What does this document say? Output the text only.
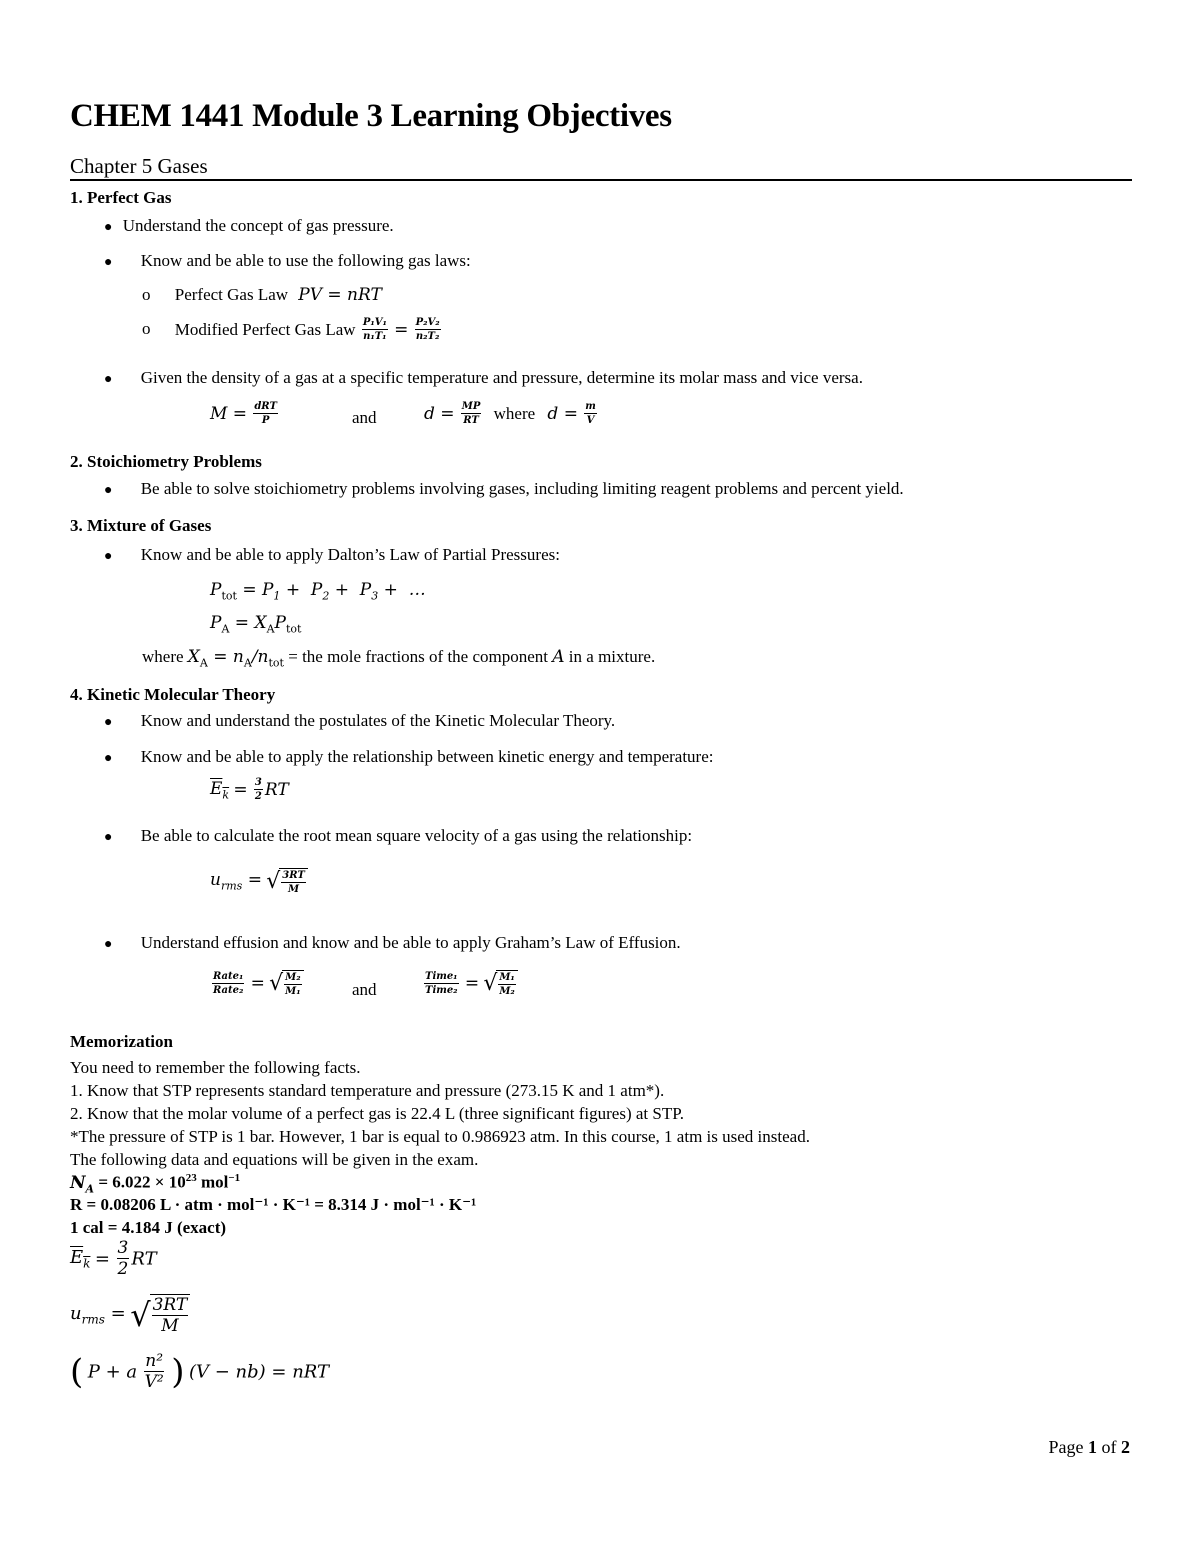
CHEM 1441 Module 3 Learning Objectives
Chapter 5 Gases
1. Perfect Gas
● Understand the concept of gas pressure.
● Know and be able to use the following gas laws:
o Perfect Gas Law PV = nRT
o Modified Perfect Gas Law $\frac{\text{P₁V₁}}{\text{n₁T₁}} = \frac{\text{P₂V₂}}{\text{n₂T₂}}$
● Given the density of a gas at a specific temperature and pressure, determine its molar mass and vice versa.
$M = \frac{\text{dRT}}{P}$	and	$d = \frac{MP}{RT}$ where $d = \frac{m}{V}$
2. Stoichiometry Problems
● Be able to solve stoichiometry problems involving gases, including limiting reagent problems and percent yield.
3. Mixture of Gases
● Know and be able to apply Dalton’s Law of Partial Pressures:
$P_{tot} = P_1 + P_2 + P_3$ +  …
$P_A = X_AP_{tot}$
where $X_A = n_A/n_{tot}$ = the mole fractions of the component A in a mixture.
4. Kinetic Molecular Theory
● Know and understand the postulates of the Kinetic Molecular Theory.
● Know and be able to apply the relationship between kinetic energy and temperature:
$E_k = \frac{3}{2}$ RT
● Be able to calculate the root mean square velocity of a gas using the relationship:
$u_{rms}$ = √ $\frac{3RT}{M}$
● Understand effusion and know and be able to apply Graham’s Law of Effusion.
$\frac{\text{Rate₁}}{\text{Rate₂}}$ = √ $\frac{\text{M₂}}{\text{M₁}}$	and	$\frac{\text{Time₁}}{\text{Time₂}}$ = √ $\frac{\text{M₁}}{\text{M₂}}$
Memorization
You need to remember the following facts.
1. Know that STP represents standard temperature and pressure (273.15 K and 1 atm*).
2. Know that the molar volume of a perfect gas is 22.4 L (three significant figures) at STP.
*The pressure of STP is 1 bar. However, 1 bar is equal to 0.986923 atm. In this course, 1 atm is used instead.
The following data and equations will be given in the exam.
$N_A = 6.022 \times 10^{23}$ mol$^{-1}$
R = 0.08206 L · atm · mol⁻¹ · K⁻¹ = 8.314 J · mol⁻¹ · K⁻¹
1 cal = 4.184 J (exact)
$E_k = \frac{3}{2}$ RT
$u_{rms}$ = √ $\frac{3RT}{M}$
( P + a $\frac{\text{n²}}{\text{V²}}$ ) (V − nb) = nRT
Page 1 of 2
